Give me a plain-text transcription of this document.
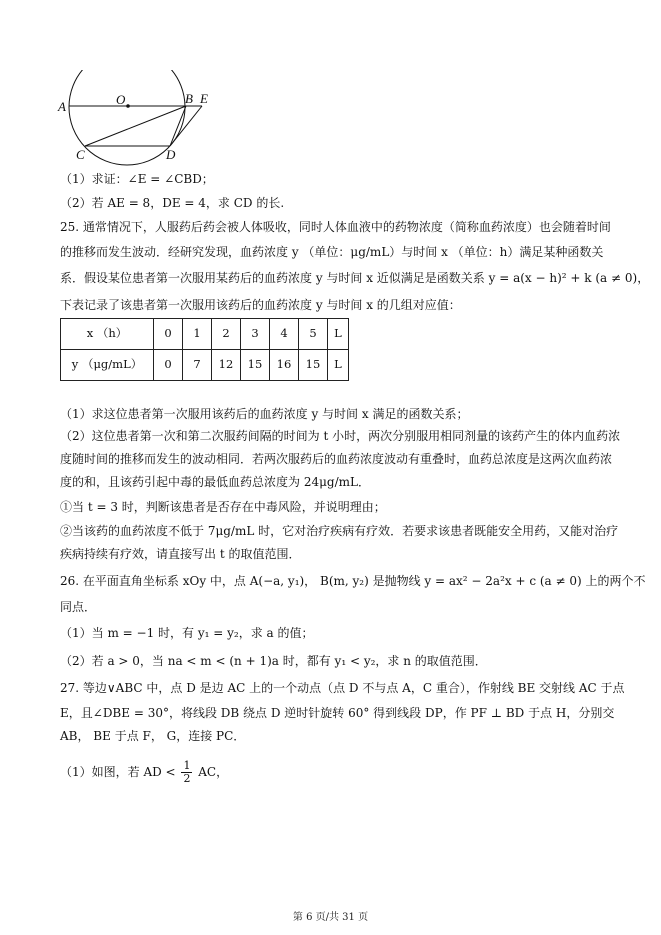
A	O	B E
C	D
（1）求证：∠E = ∠CBD；
（2）若 AE = 8，DE = 4，求 CD 的长.
25. 通常情况下，人服药后药会被人体吸收，同时人体血液中的药物浓度（简称血药浓度）也会随着时间
的推移而发生波动．经研究发现，血药浓度 y （单位：μg/mL）与时间 x （单位：h）满足某种函数关
系．假设某位患者第一次服用某药后的血药浓度 y 与时间 x 近似满足是函数关系 y = a(x − h)² + k (a ≠ 0)，
下表记录了该患者第一次服用该药后的血药浓度 y 与时间 x 的几组对应值：
x （h）	0	1	2	3	4	5	L
y （μg/mL）	0	7	12	15	16	15	L
（1）求这位患者第一次服用该药后的血药浓度 y 与时间 x 满足的函数关系；
（2）这位患者第一次和第二次服药间隔的时间为 t 小时，两次分别服用相同剂量的该药产生的体内血药浓
度随时间的推移而发生的波动相同．若两次服药后的血药浓度波动有重叠时，血药总浓度是这两次血药浓
度的和，且该药引起中毒的最低血药总浓度为 24μg/mL．
①当 t = 3 时，判断该患者是否存在中毒风险，并说明理由；
②当该药的血药浓度不低于 7μg/mL 时，它对治疗疾病有疗效．若要求该患者既能安全用药，又能对治疗
疾病持续有疗效，请直接写出 t 的取值范围．
26. 在平面直角坐标系 xOy 中，点 A(−a, y₁)， B(m, y₂) 是抛物线 y = ax² − 2a²x + c (a ≠ 0) 上的两个不
同点．
（1）当 m = −1 时，有 y₁ = y₂，求 a 的值；
（2）若 a > 0，当 na < m < (n + 1)a 时，都有 y₁ < y₂，求 n 的取值范围．
27. 等边∨ABC 中，点 D 是边 AC 上的一个动点（点 D 不与点 A，C 重合），作射线 BE 交射线 AC 于点
E，且∠DBE = 30°，将线段 DB 绕点 D 逆时针旋转 60° 得到线段 DP，作 PF ⊥ BD 于点 H，分别交
AB， BE 于点 F， G，连接 PC．
（1）如图，若 AD < $\frac{1}{2}$ AC，
第 6 页/共 31 页
